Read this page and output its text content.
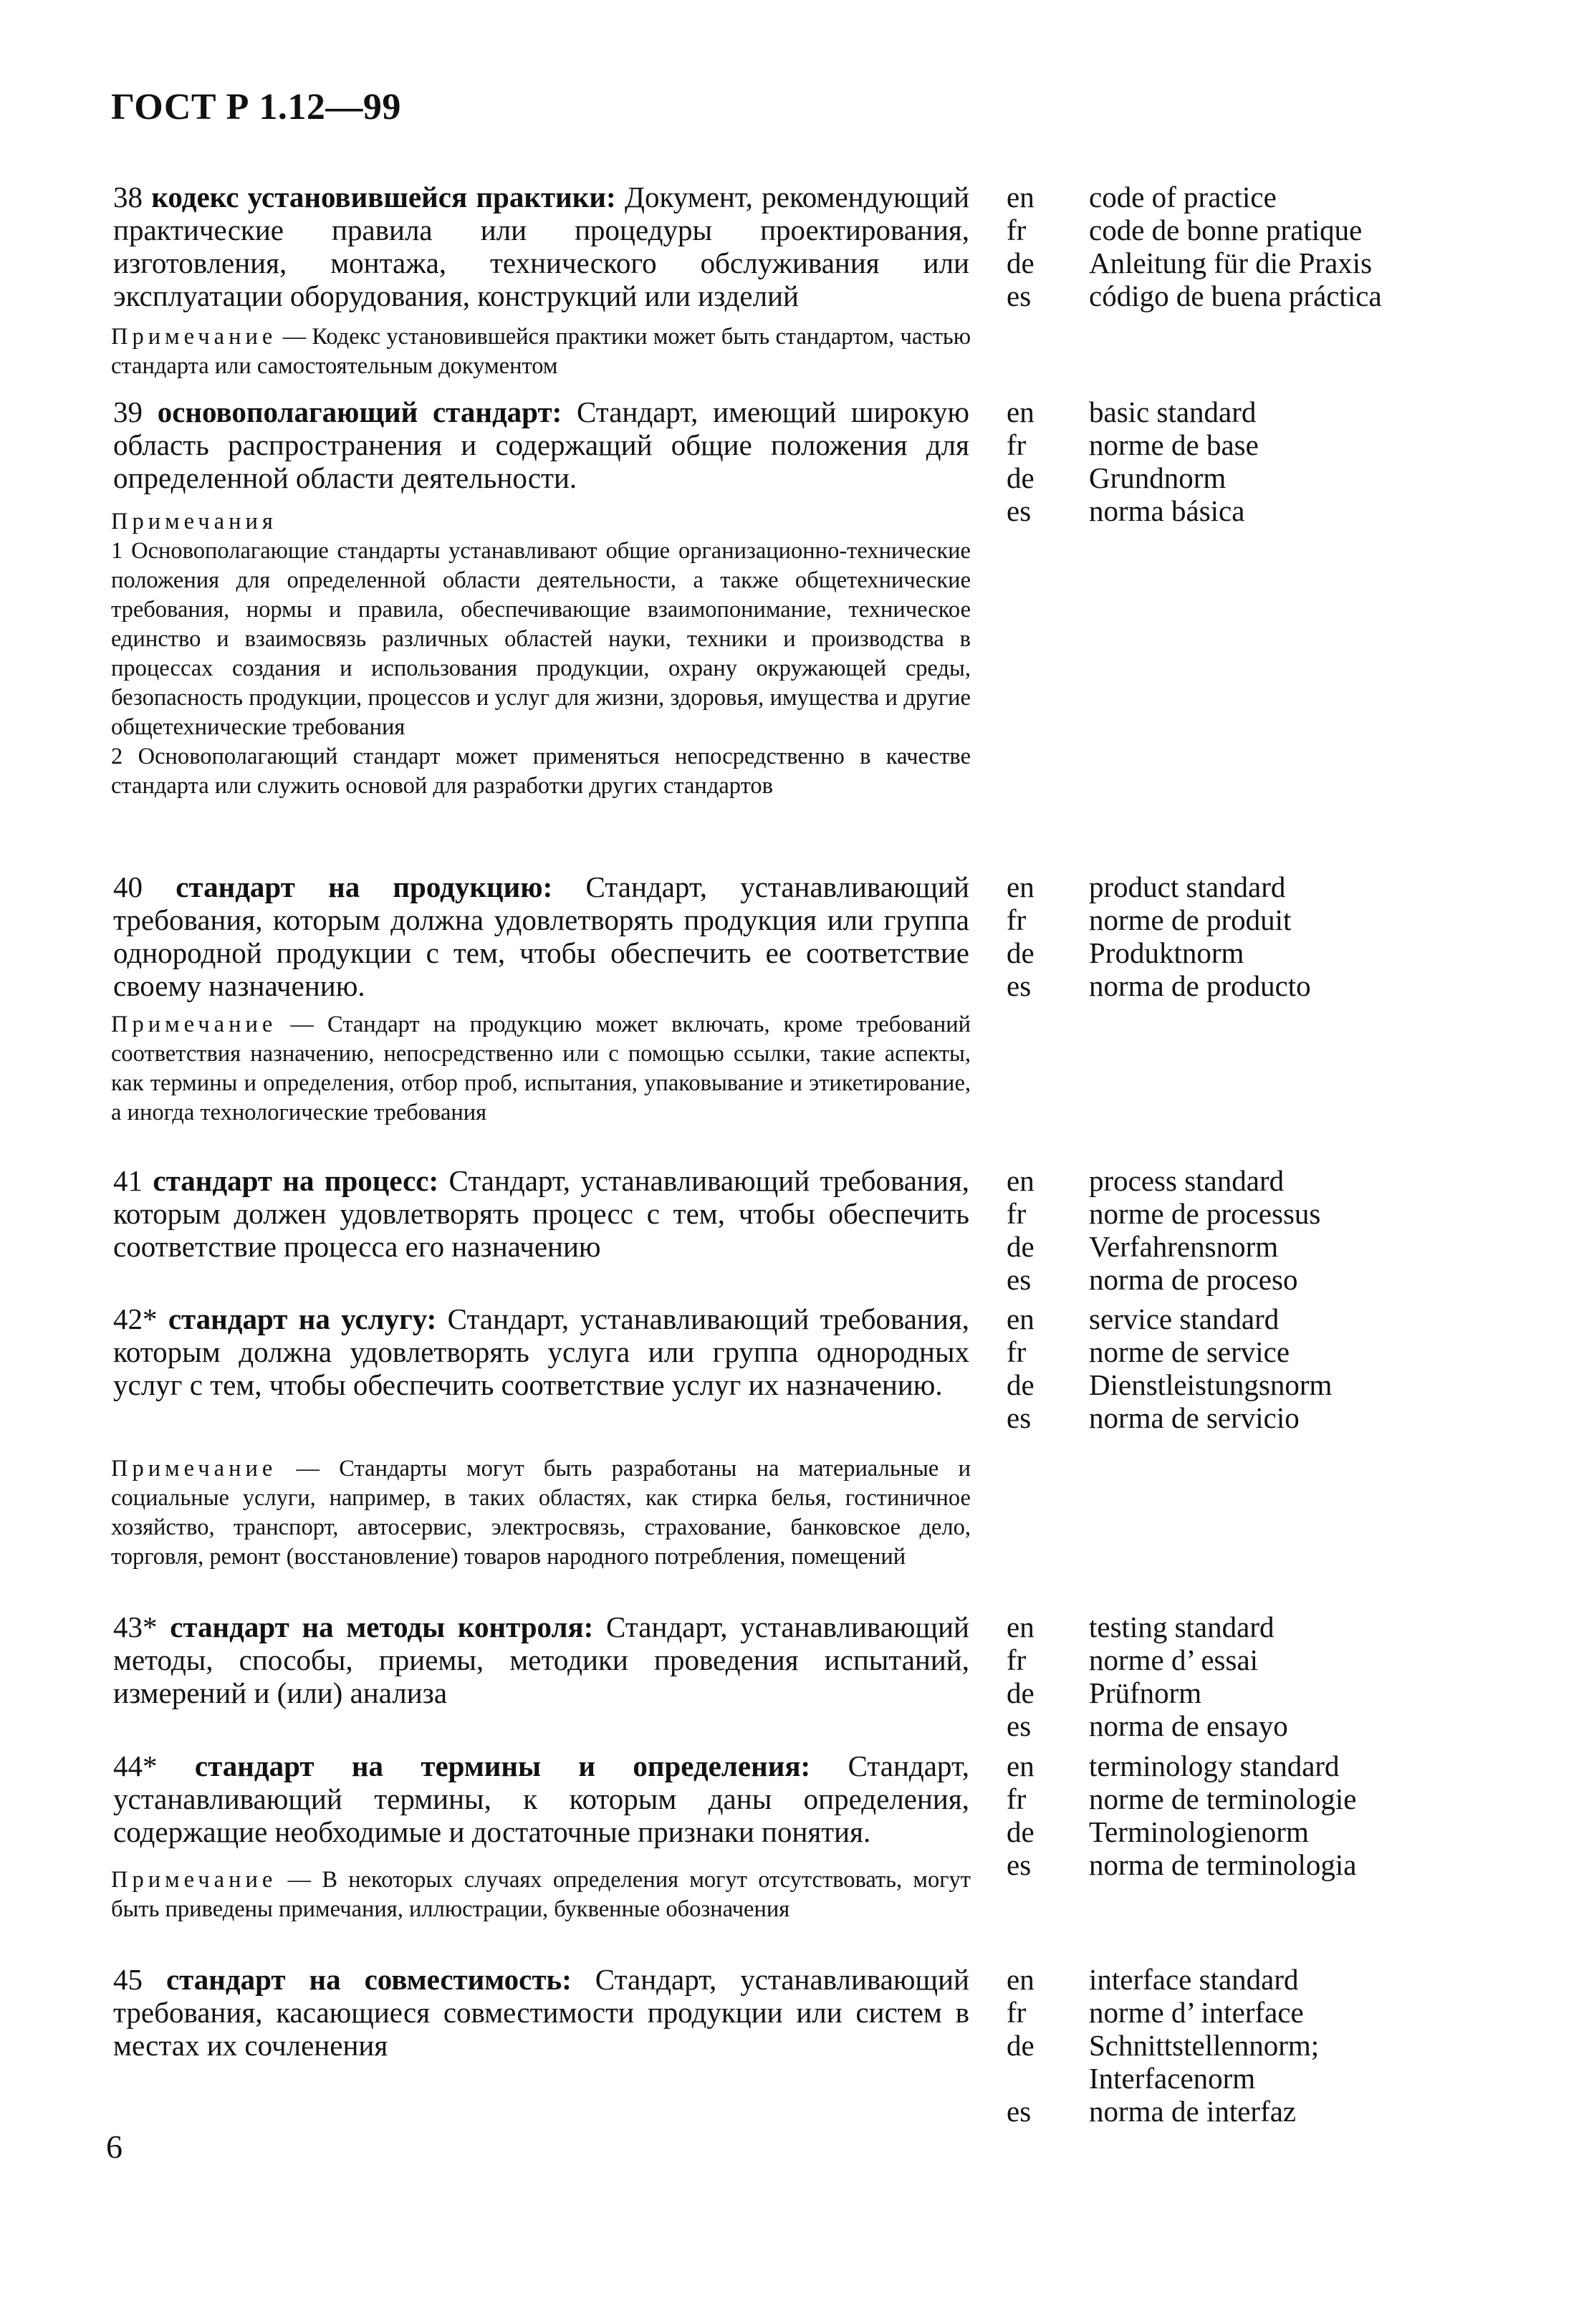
ГОСТ Р 1.12—99
38 кодекс установившейся практики: Документ, рекомендующий практические правила или процедуры проектирования, изготовления, монтажа, технического обслуживания или эксплуатации оборудования, конструкций или изделий
Примечание — Кодекс установившейся практики может быть стандартом, частью стандарта или самостоятельным документом
en	code of practice
fr	code de bonne pratique
de	Anleitung für die Praxis
es	código de buena práctica
39 основополагающий стандарт: Стандарт, имеющий широкую область распространения и содержащий общие положения для определенной области деятельности.

Примечания

1 Основополагающие стандарты устанавливают общие организационно-технические положения для определенной области деятельности, а также общетехнические требования, нормы и правила, обеспечивающие взаимопонимание, техническое единство и взаимосвязь различных областей науки, техники и производства в процессах создания и использования продукции, охрану окружающей среды, безопасность продукции, процессов и услуг для жизни, здоровья, имущества и другие общетехнические требования

2 Основополагающий стандарт может применяться непосредственно в качестве стандарта или служить основой для разработки других стандартов

en	basic standard
fr	norme de base
de	Grundnorm
es	norma básica
40 стандарт на продукцию: Стандарт, устанавливающий требования, которым должна удовлетворять продукция или группа однородной продукции с тем, чтобы обеспечить ее соответствие своему назначению.
Примечание — Стандарт на продукцию может включать, кроме требований соответствия назначению, непосредственно или с помощью ссылки, такие аспекты, как термины и определения, отбор проб, испытания, упаковывание и этикетирование, а иногда технологические требования
en	product standard
fr	norme de produit
de	Produktnorm
es	norma de producto
41 стандарт на процесс: Стандарт, устанавливающий требования, которым должен удовлетворять процесс с тем, чтобы обеспечить соответствие процесса его назначению
en	process standard
fr	norme de processus
de	Verfahrensnorm
es	norma de proceso
42* стандарт на услугу: Стандарт, устанавливающий требования, которым должна удовлетворять услуга или группа однородных услуг с тем, чтобы обеспечить соответствие услуг их назначению.
Примечание — Стандарты могут быть разработаны на материальные и социальные услуги, например, в таких областях, как стирка белья, гостиничное хозяйство, транспорт, автосервис, электросвязь, страхование, банковское дело, торговля, ремонт (восстановление) товаров народного потребления, помещений
en	service standard
fr	norme de service
de	Dienstleistungsnorm
es	norma de servicio
43* стандарт на методы контроля: Стандарт, устанавливающий методы, способы, приемы, методики проведения испытаний, измерений и (или) анализа
en	testing standard
fr	norme d’ essai
de	Prüfnorm
es	norma de ensayo
44* стандарт на термины и определения: Стандарт, устанавливающий термины, к которым даны определения, содержащие необходимые и достаточные признаки понятия.
Примечание — В некоторых случаях определения могут отсутствовать, могут быть приведены примечания, иллюстрации, буквенные обозначения
en	terminology standard
fr	norme de terminologie
de	Terminologienorm
es	norma de terminologia
45 стандарт на совместимость: Стандарт, устанавливающий требования, касающиеся совместимости продукции или систем в местах их сочленения
en	interface standard
fr	norme d’ interface
de	Schnittstellennorm; Interfacenorm
es	norma de interfaz
6
